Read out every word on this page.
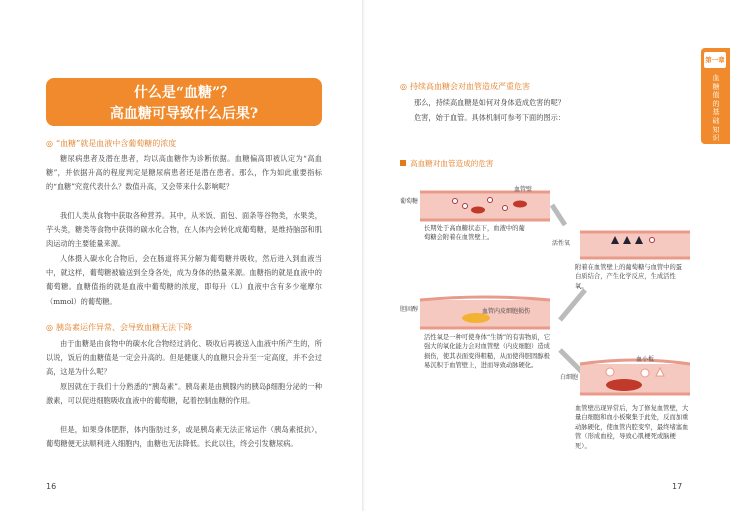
什么是“血糖”？
高血糖可导致什么后果?
◎ “血糖”就是血液中含葡萄糖的浓度
糖尿病患者及潜在患者，均以高血糖作为诊断依据。血糖偏高即被认定为“高血糖”，并依据升高的程度判定是糖尿病患者还是潜在患者。那么，作为如此重要指标的“血糖”究竟代表什么？数值升高，又会带来什么影响呢？
我们人类从食物中获取各种营养。其中，从米饭、面包、面条等谷物类，水果类，芋头类，糖类等食物中获得的碳水化合物，在人体内会转化成葡萄糖，是维持脑部和肌肉运动的主要能量来源。
人体摄入碳水化合物后，会在肠道将其分解为葡萄糖并吸收，然后进入到血液当中，就这样，葡萄糖被输送到全身各处，成为身体的热量来源。血糖指的就是血液中的葡萄糖。血糖值指的就是血液中葡萄糖的浓度，即每升（L）血液中含有多少毫摩尔（mmol）的葡萄糖。
◎ 胰岛素运作异常、会导致血糖无法下降
由于血糖是由食物中的碳水化合物经过消化、吸收后再被送入血液中所产生的，所以说，饭后的血糖值是一定会升高的。但是健康人的血糖只会升至一定高度，并不会过高，这是为什么呢？
原因就在于我们十分熟悉的“胰岛素”。胰岛素是由胰腺内的胰岛β细胞分泌的一种激素，可以促进细胞吸收血液中的葡萄糖，起着控制血糖的作用。
但是，如果身体肥胖，体内脂肪过多，或是胰岛素无法正常运作（胰岛素抵抗），葡萄糖便无法顺利进入细胞内，血糖也无法降低。长此以往，终会引发糖尿病。
16
◎ 持续高血糖会对血管造成严重危害
那么，持续高血糖是如何对身体造成危害的呢？
危害，始于血管。具体机制可参考下面的图示：
第一章
血糖值的基础知识
高血糖对血管造成的危害
葡萄糖
血管壁
活性氧
胆固醇	血管内皮细胞损伤
血小板
白细胞
长期处于高血糖状态下，血液中的葡萄糖会附着在血管壁上。
附着在血管壁上的葡萄糖与血管中的蛋白质结合，产生化学反应，生成活性氧。
活性氧是一种可使身体“生锈”的有害物质，它强大的氧化能力会对血管壁（内皮细胞）造成损伤，使其表面变得粗糙，从而使得胆固醇极易沉积于血管壁上，进而导致动脉硬化。
血管壁出现异常后，为了修复血管壁，大量白细胞和血小板聚集于此处，反而加重动脉硬化，使血管内腔变窄，最终堵塞血管（形成血栓，导致心肌梗死或脑梗死）。
17
